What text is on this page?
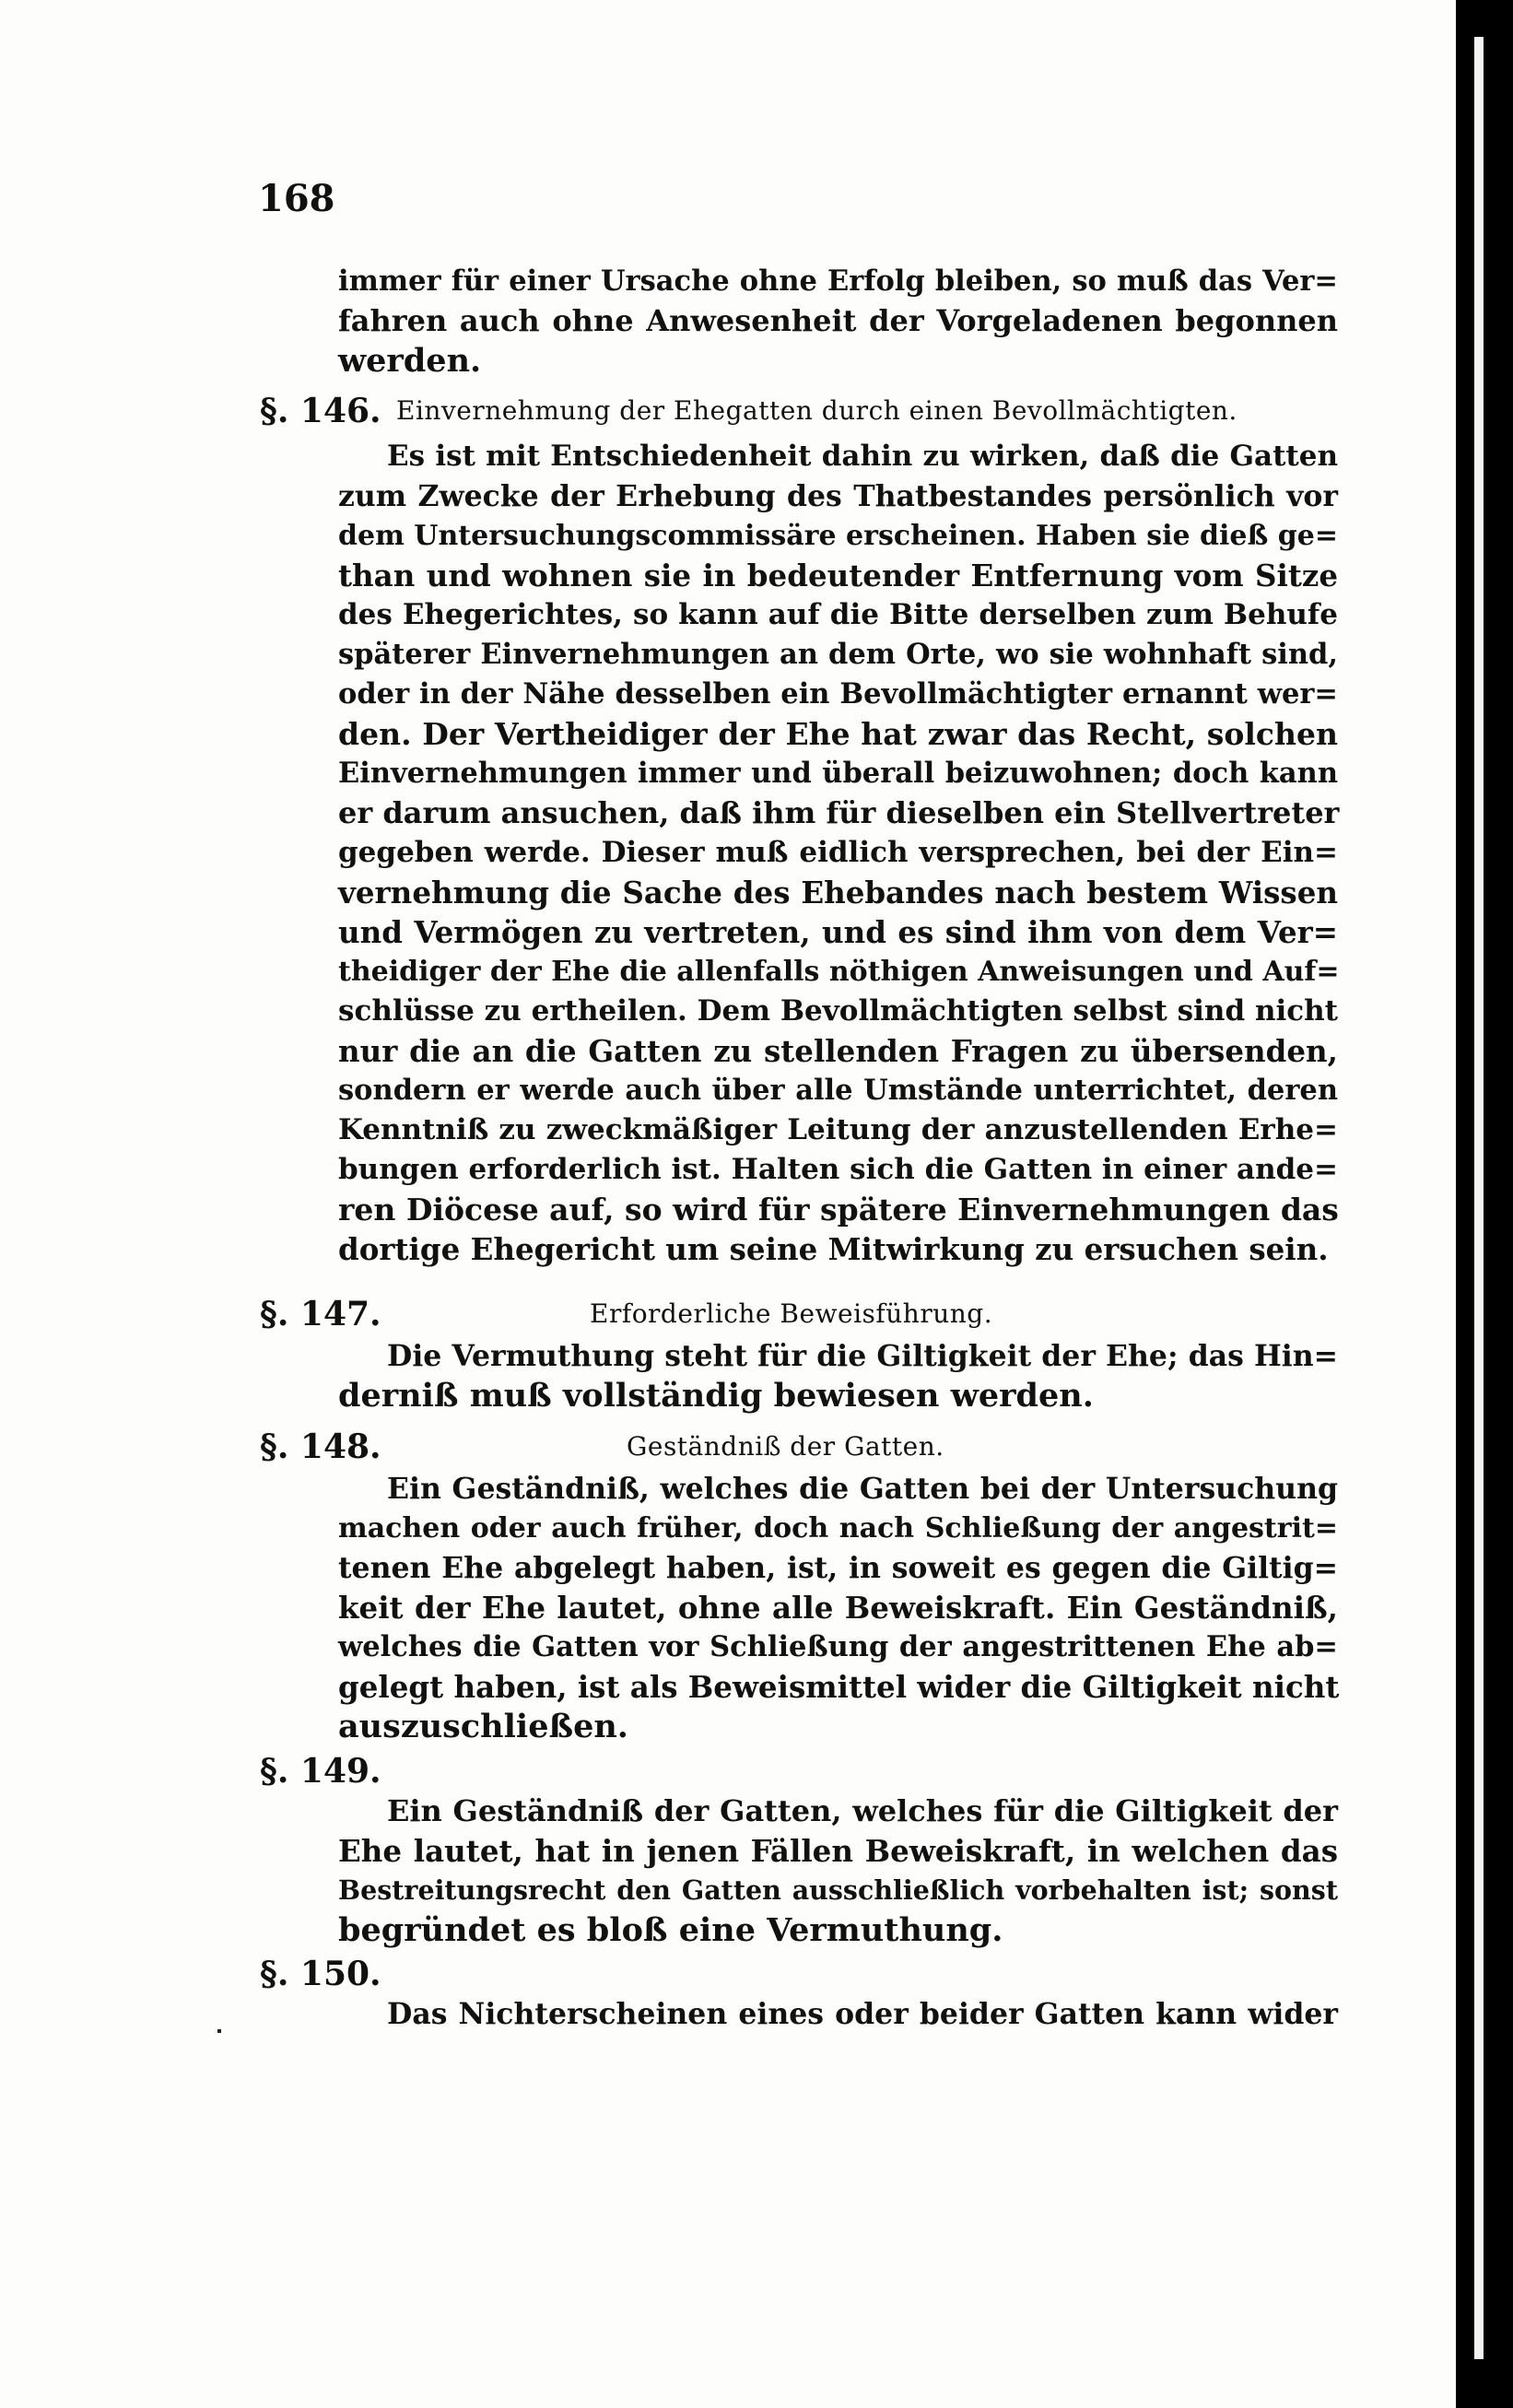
168
immer für einer Ursache ohne Erfolg bleiben, so muß das Ver=
fahren auch ohne Anwesenheit der Vorgeladenen begonnen
werden.
§. 146. Einvernehmung der Ehegatten durch einen Bevollmächtigten.
Es ist mit Entschiedenheit dahin zu wirken, daß die Gatten
zum Zwecke der Erhebung des Thatbestandes persönlich vor
dem Untersuchungscommissäre erscheinen. Haben sie dieß ge=
than und wohnen sie in bedeutender Entfernung vom Sitze
des Ehegerichtes, so kann auf die Bitte derselben zum Behufe
späterer Einvernehmungen an dem Orte, wo sie wohnhaft sind,
oder in der Nähe desselben ein Bevollmächtigter ernannt wer=
den. Der Vertheidiger der Ehe hat zwar das Recht, solchen
Einvernehmungen immer und überall beizuwohnen; doch kann
er darum ansuchen, daß ihm für dieselben ein Stellvertreter
gegeben werde. Dieser muß eidlich versprechen, bei der Ein=
vernehmung die Sache des Ehebandes nach bestem Wissen
und Vermögen zu vertreten, und es sind ihm von dem Ver=
theidiger der Ehe die allenfalls nöthigen Anweisungen und Auf=
schlüsse zu ertheilen. Dem Bevollmächtigten selbst sind nicht
nur die an die Gatten zu stellenden Fragen zu übersenden,
sondern er werde auch über alle Umstände unterrichtet, deren
Kenntniß zu zweckmäßiger Leitung der anzustellenden Erhe=
bungen erforderlich ist. Halten sich die Gatten in einer ande=
ren Diöcese auf, so wird für spätere Einvernehmungen das
dortige Ehegericht um seine Mitwirkung zu ersuchen sein.
§. 147.	Erforderliche Beweisführung.
Die Vermuthung steht für die Giltigkeit der Ehe; das Hin=
derniß muß vollständig bewiesen werden.
§. 148.	Geständniß der Gatten.
Ein Geständniß, welches die Gatten bei der Untersuchung
machen oder auch früher, doch nach Schließung der angestrit=
tenen Ehe abgelegt haben, ist, in soweit es gegen die Giltig=
keit der Ehe lautet, ohne alle Beweiskraft. Ein Geständniß,
welches die Gatten vor Schließung der angestrittenen Ehe ab=
gelegt haben, ist als Beweismittel wider die Giltigkeit nicht
auszuschließen.
§. 149.
Ein Geständniß der Gatten, welches für die Giltigkeit der
Ehe lautet, hat in jenen Fällen Beweiskraft, in welchen das
Bestreitungsrecht den Gatten ausschließlich vorbehalten ist; sonst
begründet es bloß eine Vermuthung.
§. 150.
Das Nichterscheinen eines oder beider Gatten kann wider
